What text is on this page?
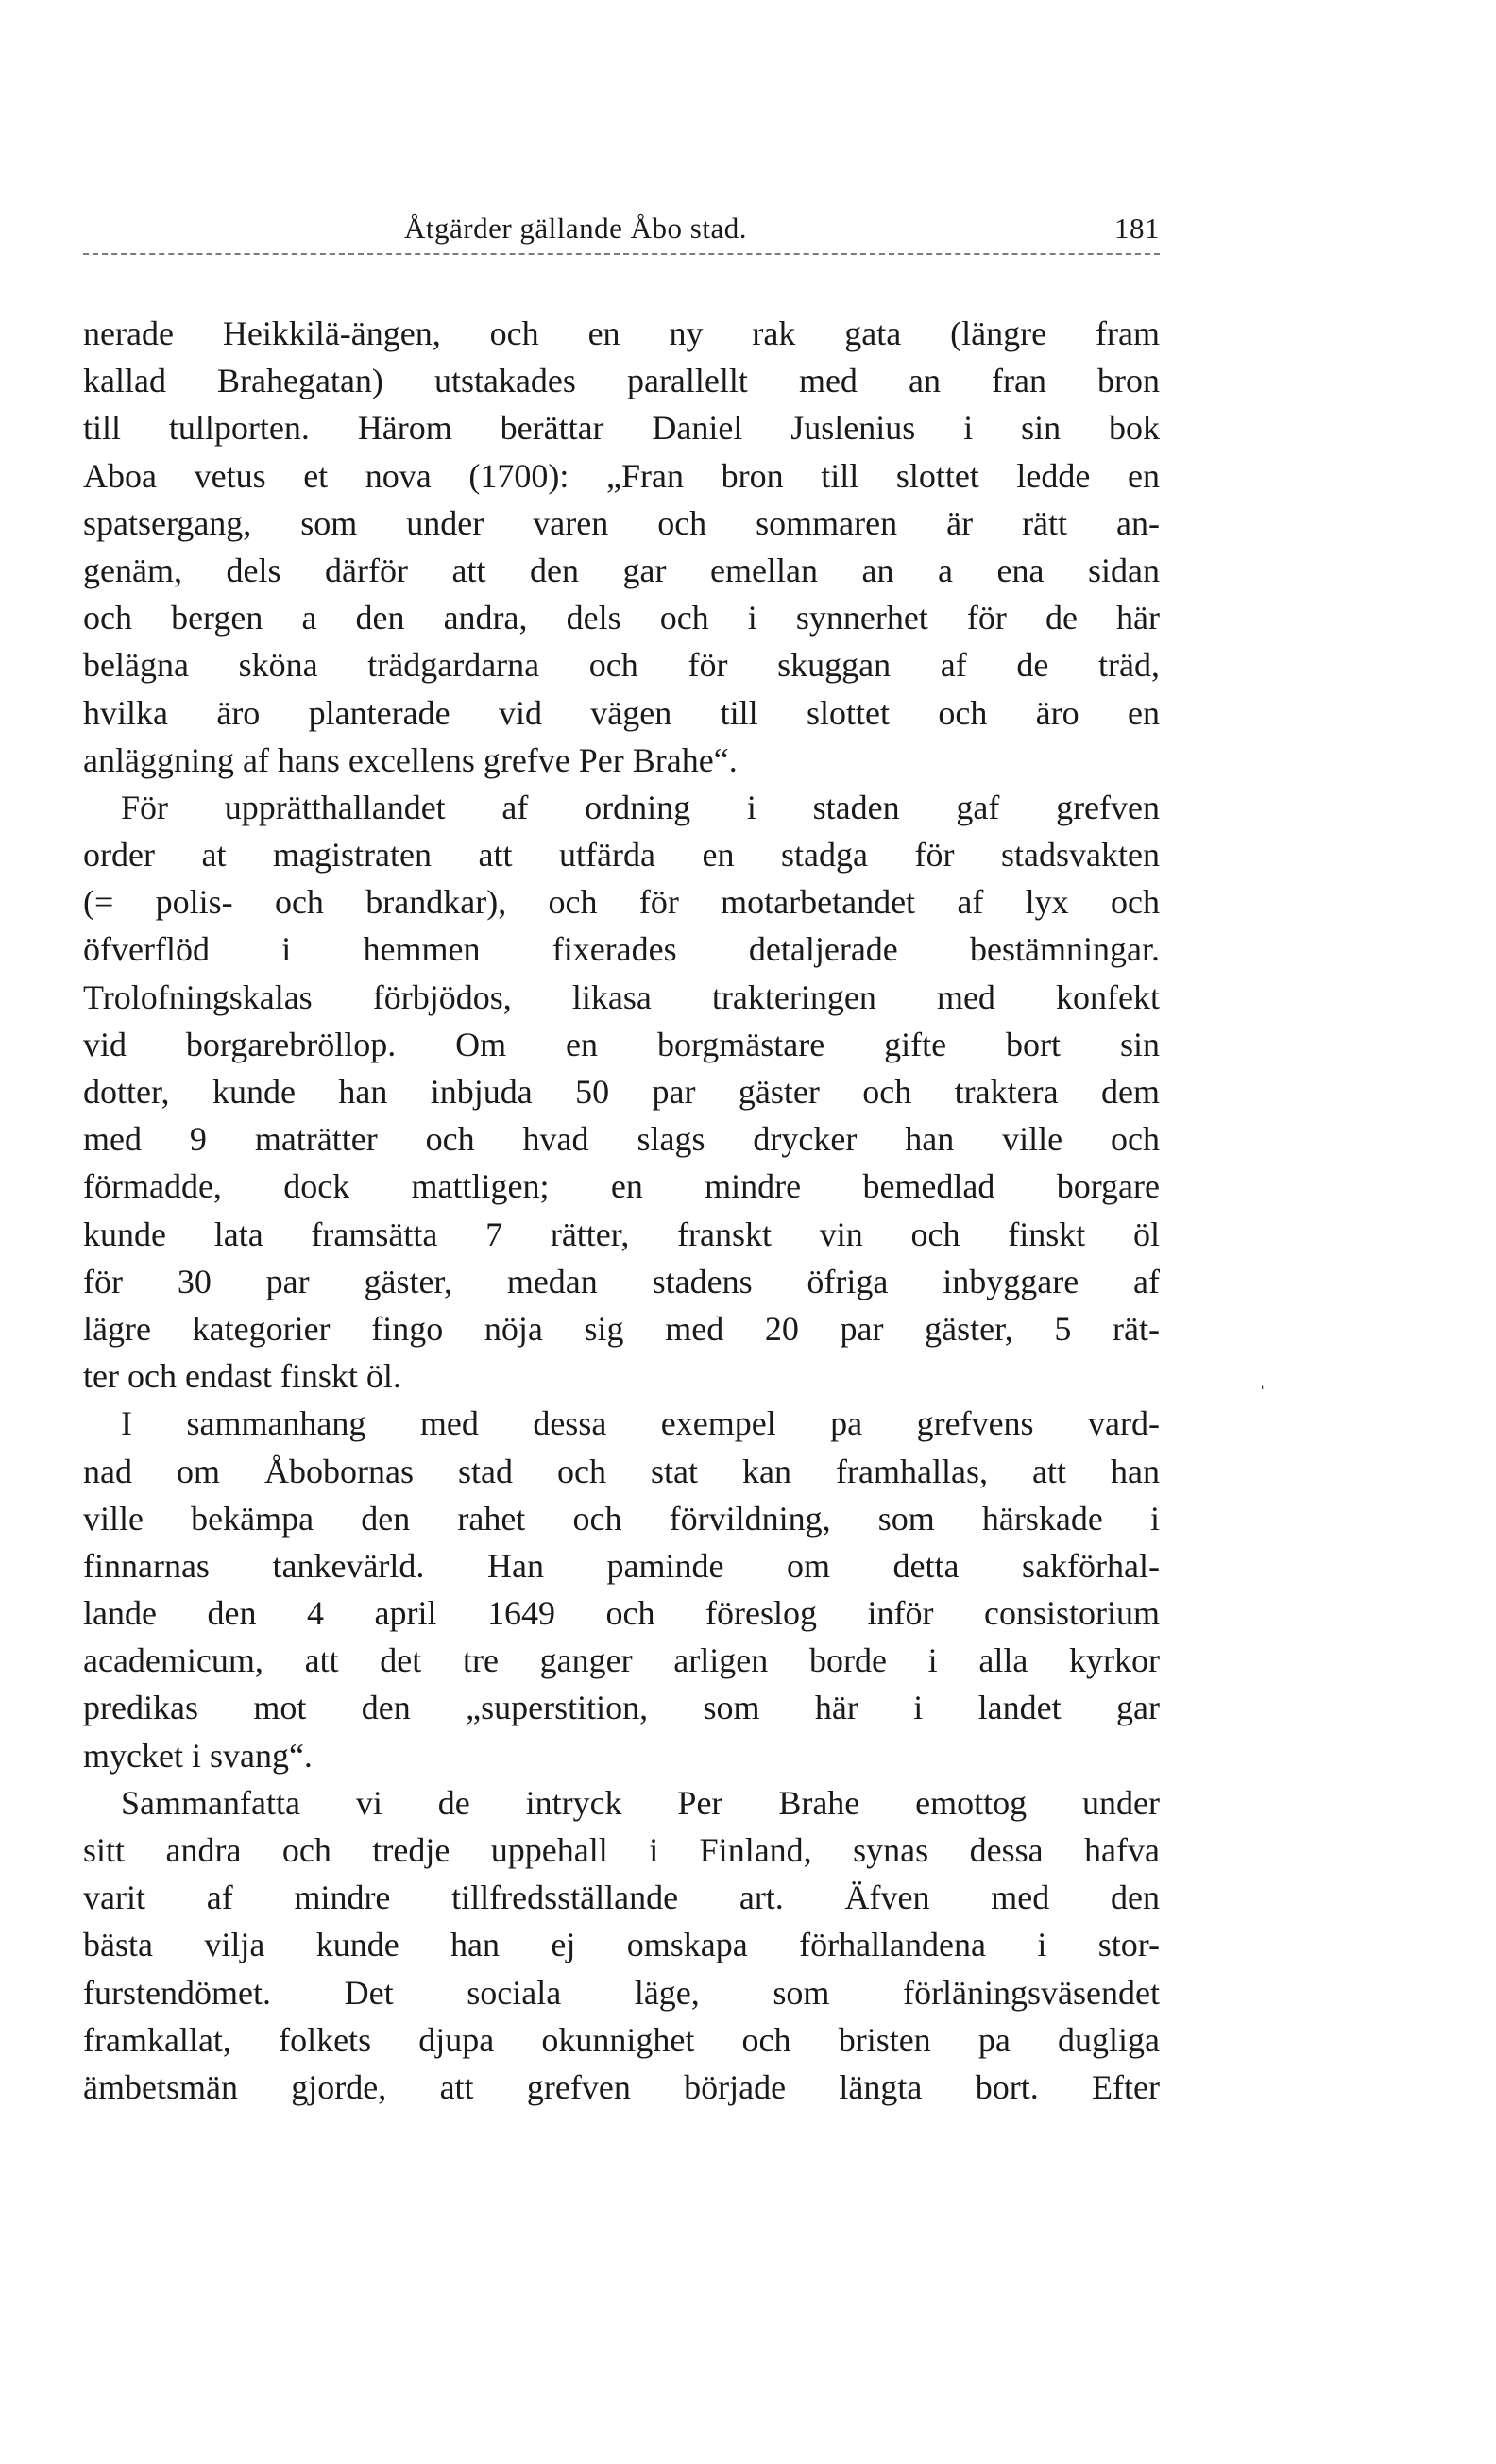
Åtgärder gällande Åbo stad.	181
nerade Heikkilä-ängen, och en ny rak gata (längre fram
kallad Brahegatan) utstakades parallellt med an fran bron
till tullporten. Härom berättar Daniel Juslenius i sin bok
Aboa vetus et nova (1700): „Fran bron till slottet ledde en
spatsergang, som under varen och sommaren är rätt an-
genäm, dels därför att den gar emellan an a ena sidan
och bergen a den andra, dels och i synnerhet för de här
belägna sköna trädgardarna och för skuggan af de träd,
hvilka äro planterade vid vägen till slottet och äro en
anläggning af hans excellens grefve Per Brahe“.
För upprätthallandet af ordning i staden gaf grefven
order at magistraten att utfärda en stadga för stadsvakten
(= polis- och brandkar), och för motarbetandet af lyx och
öfverflöd i hemmen fixerades detaljerade bestämningar.
Trolofningskalas förbjödos, likasa trakteringen med konfekt
vid borgarebröllop. Om en borgmästare gifte bort sin
dotter, kunde han inbjuda 50 par gäster och traktera dem
med 9 maträtter och hvad slags drycker han ville och
förmadde, dock mattligen; en mindre bemedlad borgare
kunde lata framsätta 7 rätter, franskt vin och finskt öl
för 30 par gäster, medan stadens öfriga inbyggare af
lägre kategorier fingo nöja sig med 20 par gäster, 5 rät-
ter och endast finskt öl.
I sammanhang med dessa exempel pa grefvens vard-
nad om Åbobornas stad och stat kan framhallas, att han
ville bekämpa den rahet och förvildning, som härskade i
finnarnas tankevärld. Han paminde om detta sakförhal-
lande den 4 april 1649 och föreslog inför consistorium
academicum, att det tre ganger arligen borde i alla kyrkor
predikas mot den „superstition, som här i landet gar
mycket i svang“.
Sammanfatta vi de intryck Per Brahe emottog under
sitt andra och tredje uppehall i Finland, synas dessa hafva
varit af mindre tillfredsställande art. Äfven med den
bästa vilja kunde han ej omskapa förhallandena i stor-
furstendömet. Det sociala läge, som förläningsväsendet
framkallat, folkets djupa okunnighet och bristen pa dugliga
ämbetsmän gjorde, att grefven började längta bort. Efter
ˌ
